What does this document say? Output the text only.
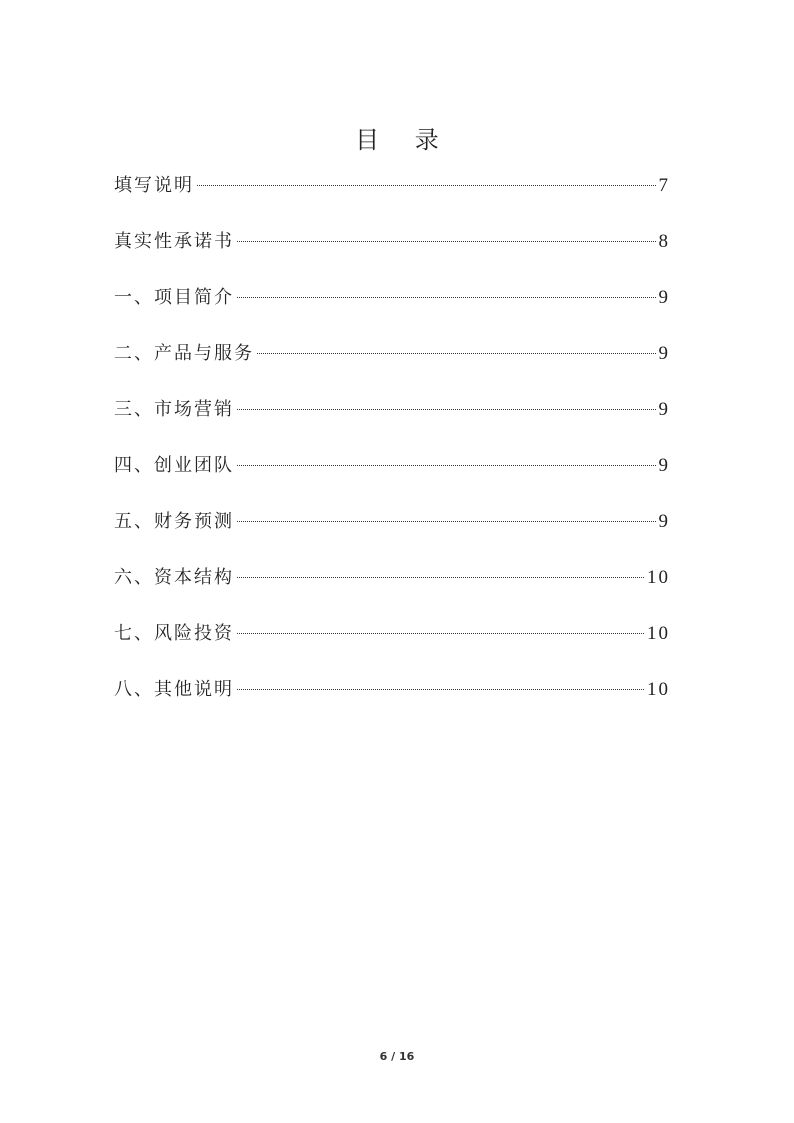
目 录
填写说明	7
真实性承诺书	8
一、项目简介	9
二、产品与服务	9
三、市场营销	9
四、创业团队	9
五、财务预测	9
六、资本结构	10
七、风险投资	10
八、其他说明	10
6 / 16
